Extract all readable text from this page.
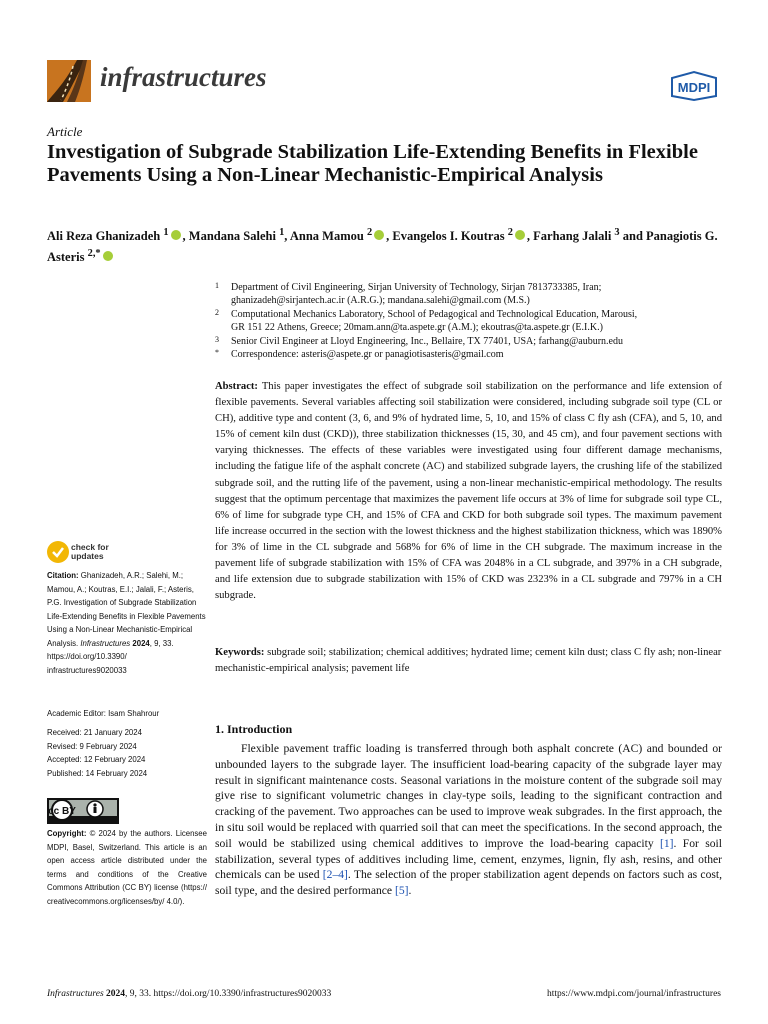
infrastructures	MDPI
Article
Investigation of Subgrade Stabilization Life-Extending Benefits in Flexible Pavements Using a Non-Linear Mechanistic-Empirical Analysis
Ali Reza Ghanizadeh $^1$ , Mandana Salehi $^1$, Anna Mamou $^2$ , Evangelos I. Koutras $^2$ , Farhang Jalali $^3$ and Panagiotis G. Asteris $^{2,*}$
1 Department of Civil Engineering, Sirjan University of Technology, Sirjan 7813733385, Iran;
ghanizadeh@sirjantech.ac.ir (A.R.G.); mandana.salehi@gmail.com (M.S.)
2 Computational Mechanics Laboratory, School of Pedagogical and Technological Education, Marousi,
GR 151 22 Athens, Greece; 20mam.ann@ta.aspete.gr (A.M.); ekoutras@ta.aspete.gr (E.I.K.)
3 Senior Civil Engineer at Lloyd Engineering, Inc., Bellaire, TX 77401, USA; farhang@auburn.edu
* Correspondence: asteris@aspete.gr or panagiotisasteris@gmail.com
Abstract: This paper investigates the effect of subgrade soil stabilization on the performance and life extension of flexible pavements. Several variables affecting soil stabilization were considered, including subgrade soil type (CL or CH), additive type and content (3, 6, and 9% of hydrated lime, 5, 10, and 15% of class C fly ash (CFA), and 5, 10, and 15% of cement kiln dust (CKD)), three stabilization thicknesses (15, 30, and 45 cm), and four pavement sections with varying thicknesses. The effects of these variables were investigated using four different damage mechanisms, including the fatigue life of the asphalt concrete (AC) and stabilized subgrade layers, the crushing life of the stabilized subgrade soil, and the rutting life of the pavement, using a non-linear mechanistic-empirical methodology. The results suggest that the optimum percentage that maximizes the pavement life occurs at 3% of lime for subgrade soil type CL, 6% of lime for subgrade type CH, and 15% of CFA and CKD for both subgrade soil types. The maximum pavement life increase occurred in the section with the lowest thickness and the highest stabilization thickness, which was 1890% for 3% of lime in the CL subgrade and 568% for 6% of lime in the CH subgrade. The maximum increase in the pavement life of subgrade stabilization with 15% of CFA was 2048% in a CL subgrade, and 397% in a CH subgrade, and life extension due to subgrade stabilization with 15% of CKD was 2323% in a CL subgrade and 797% in a CH subgrade.
Keywords: subgrade soil; stabilization; chemical additives; hydrated lime; cement kiln dust; class C fly ash; non-linear mechanistic-empirical analysis; pavement life
check for
updates
Citation: Ghanizadeh, A.R.; Salehi, M.; Mamou, A.; Koutras, E.I.; Jalali, F.; Asteris, P.G. Investigation of Subgrade Stabilization Life-Extending Benefits in Flexible Pavements Using a Non-Linear Mechanistic-Empirical Analysis. Infrastructures 2024, 9, 33. https://doi.org/10.3390/ infrastructures9020033
Academic Editor: Isam Shahrour
Received: 21 January 2024
Revised: 9 February 2024
Accepted: 12 February 2024
Published: 14 February 2024
cc BY
Copyright: © 2024 by the authors. Licensee MDPI, Basel, Switzerland. This article is an open access article distributed under the terms and conditions of the Creative Commons Attribution (CC BY) license (https:// creativecommons.org/licenses/by/ 4.0/).
1. Introduction
Flexible pavement traffic loading is transferred through both asphalt concrete (AC) and bounded or unbounded layers to the subgrade layer. The insufficient load-bearing capacity of the subgrade layer may result in significant maintenance costs. Seasonal variations in the moisture content of the subgrade soil may give rise to significant volumetric changes in clay-type soils, leading to the significant contraction and cracking of the pavement. Two approaches can be used to improve weak subgrades. In the first approach, the in situ soil would be replaced with quarried soil that can meet the specifications. In the second approach, the soil would be stabilized using chemical additives to improve the load-bearing capacity [1]. For soil stabilization, several types of additives including lime, cement, enzymes, lignin, fly ash, resins, and other chemicals can be used [2–4]. The selection of the proper stabilization agent depends on factors such as cost, soil type, and the desired performance [5].
Infrastructures 2024, 9, 33. https://doi.org/10.3390/infrastructures9020033	https://www.mdpi.com/journal/infrastructures
